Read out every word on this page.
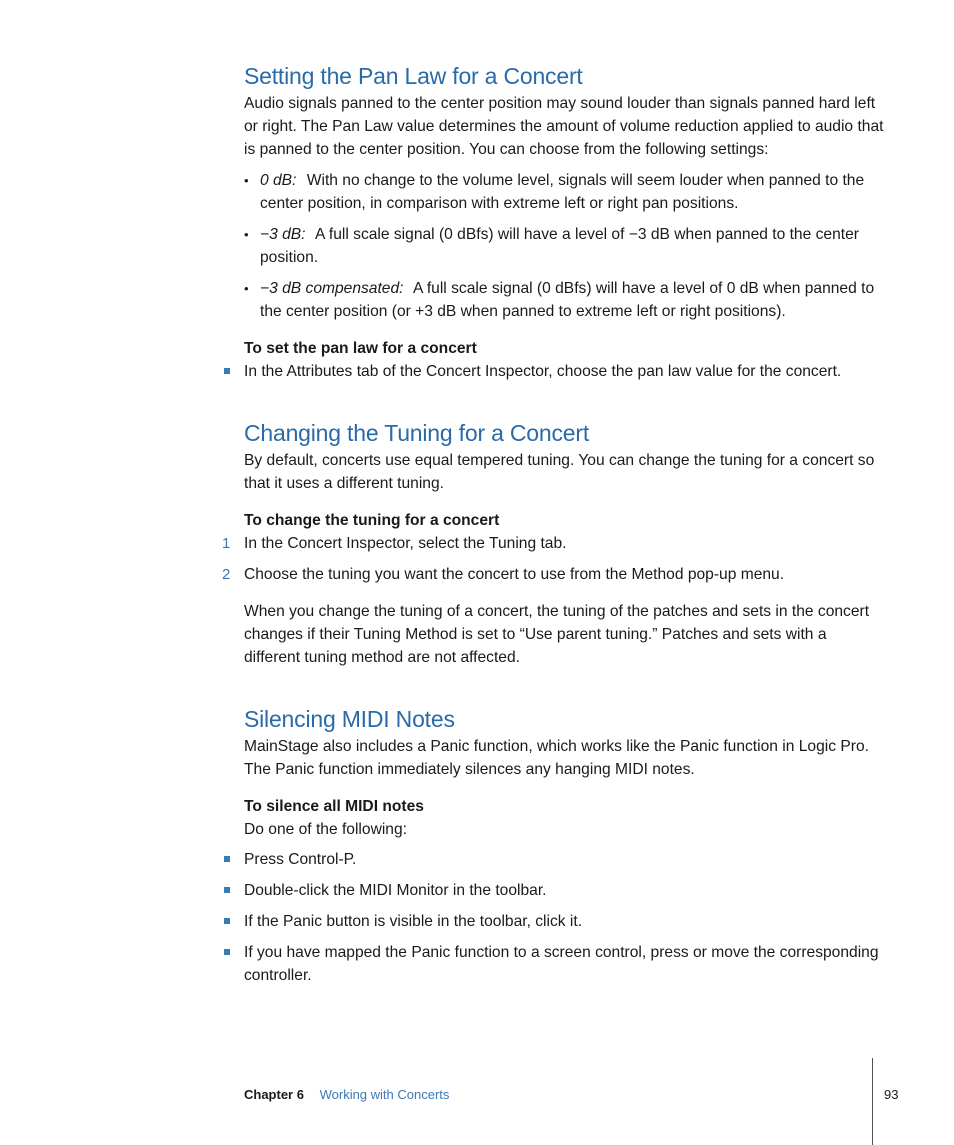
Setting the Pan Law for a Concert

Audio signals panned to the center position may sound louder than signals panned hard left or right. The Pan Law value determines the amount of volume reduction applied to audio that is panned to the center position. You can choose from the following settings:

• 0 dB: With no change to the volume level, signals will seem louder when panned to the center position, in comparison with extreme left or right pan positions.
• −3 dB: A full scale signal (0 dBfs) will have a level of −3 dB when panned to the center position.
• −3 dB compensated: A full scale signal (0 dBfs) will have a level of 0 dB when panned to the center position (or +3 dB when panned to extreme left or right positions).
To set the pan law for a concert
In the Attributes tab of the Concert Inspector, choose the pan law value for the concert.
Changing the Tuning for a Concert

By default, concerts use equal tempered tuning. You can change the tuning for a concert so that it uses a different tuning.

To change the tuning for a concert
1 In the Concert Inspector, select the Tuning tab.
2 Choose the tuning you want the concert to use from the Method pop-up menu.

When you change the tuning of a concert, the tuning of the patches and sets in the concert changes if their Tuning Method is set to “Use parent tuning.” Patches and sets with a different tuning method are not affected.

Silencing MIDI Notes

MainStage also includes a Panic function, which works like the Panic function in Logic Pro. The Panic function immediately silences any hanging MIDI notes.

To silence all MIDI notes

Do one of the following:

Press Control-P.
Double-click the MIDI Monitor in the toolbar.
If the Panic button is visible in the toolbar, click it.
If you have mapped the Panic function to a screen control, press or move the corresponding controller.
Chapter 6 Working with Concerts	93
